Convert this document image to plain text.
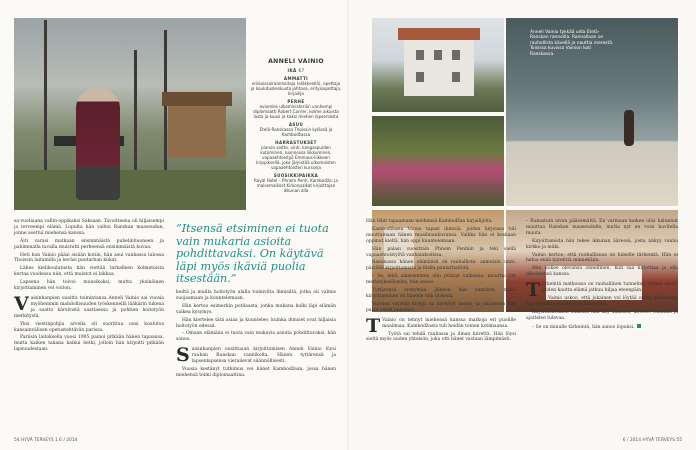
ANNELI VAINIO
IKÄ 67
AMMATTI
eriikoissairaanhoitaja (eläkkeellä), opettaja ja koulutuskeskusta johtava, erityisopettaja, kirjailija
PERHE
aviomies ulkoministeriön vanhempi diplomaatti Robert Carrier, kolme aikuista lasta ja kuusi ja kaksi miehen lapsenlasta
ASUU
Etelä-Ranskassa Thoissin kylässä ja Kambodžassa
HARRASTUKSET
pianon soitto, uinti, kangaspuiden kutominen, luonnossa liikkuminen, vapaaehtoistyö Emmaus-liikkeen kirppiksellä, joka järjestää ulkomaisten vapaaehtoisten kursseja
SUOSIKKIPAIKKA
Royal Hotel – Phnom Penh, Kambodža; ja maisemalliset Kirkonpalkat kirjoittajan ikkunan alla
Anneli Vainio tykkää uida Etelä-Ranskan rannoilla. Rannallaan on rauhallista kävellä ja nauttia merestä. Toisissa kuvissa Vainion koti Ranskassa.

sa-vuotiaana vallin-oppikaksi Saksaan. Tavoitteena oli hiljaisempi ja terveempi elämä. Lopulta hän valitsi Ranskan maaseudun, jonne asettui miehensä kanssa.

Äiti varasi matkaan ensimmäistä puhelinhuoneen ja pahimmalla tavalla muistutti perheensä ensimmäistä kuvaa.

Heti kun Vainio pääsi sisään kotiin, hän asui vanhassa talossa Thoissin laitamilla ja keräsi puutarhan kukat.

Lähes kielikoulutusta hän viettää tarkalleen kolmetoista kertaa vuodessa niin, että muistot ei lakkaa.

Lapsena hän toivoi muusikoksi, mutta yksinäinen kirjoittaminen vei voiton.

Vaisinhanpien uusitta toimintansa Anneli Vainio sai vuosia myöhemmin mahdollisuuden työskennellä lääkärin tukena ja saatto kärsivistä saattaessa ja pohtien hoitotyön merkitystä.

Yksi viestinpohjia arvella oli suorittaa uusi koulutus kansainvälisen opetustehtävän parissa.

Pariisin laitoksella vuosi 1995 painoi pitkään hänen tapaansa, mutta kaiken takana kaikui hetki, jolloin hän kirjoitti pitkään lapsuudestaan.

”Itsensä etsiminen ei tuota vain mukaria asioita pohdittavaksi. On käytävä läpi myös ikäviä puolia itsestään.”

keiltä ja muilla hoitotyön alalla toimivilta ihmisiltä, jotka oli valmis suojaamaan ja kuuntelemaan.

Hän kertoo esimerkin potilaasta, jonka mukana kulki läpi elämän vaikea kysymys.

Hän kiertelee tätä asiaa ja kuuntelee, kuinka ihmiset ovat hiljaisia hoitotyön edessä.

– Omaan elämään ei tuota vain mukavia asioita pohdittavaksi, hän sanoo.

Saisinhanpien uusittuaan kirjoittamisen Anneli Vainio löysi rauhan Ranskan rannikolta. Hänen tyttärensä ja lapsenlapsensa vierailevat säännöllisesti.

Vuosia kestänyt tutkimus vei hänet Kambodžaan, jossa hänen miehensä toimi diplomaattina.

Hän lähti tapaamaan miehensä Kambodžan kirjailijoita.

Kambodžassa Vainio tapasi ihmisiä, joiden kirjoissa tuli muuttumaan hänen maailmankuvansa. Vaikka hän ei koskaan oppinut kieltä, hän oppi kuuntelemaan.

Hän palasi vuosittain Phnom Penhiin ja teki siellä vapaaehtoistyötä vanhainkodissa.

Ranskassa hänen elämänsä on rauhallista: aamuisin uinti, päivällä kirjoittamista ja illalla puutarhatöitä.

– Se, mitä aikaisemmin olin pitänyt vaikeana, muuttui nyt merkitykselliseksi, hän sanoo.

Tyttärensä syntymän jälkeen hän ymmärsi, miksi kirjoittaminen oli hänelle niin tärkeää.

Vuosien varrella kirjoja on kertynyt useita, ja jokaisessa hän palaa omiin juuriinsa.

T Vainio on tehnyt miehensä kanssa matkoja eri puolille maailmaa. Kambodžasta tuli heidän toinen kotimaansa.

Työtä sai tehdä rauhassa ja ilman kiirettä. Hän löysi sieltä myös uuden yhteisön, joka otti hänet vastaan lämpimästi.

– Rakastuin aivan pääsemättä. En varmaan kaiken olisi halunnut muuttaa Ranskan maaseudulle, mutta nyt en voisi kuvitella muuta.

Kirjoittamista hän tekee ikkunan ääressä, josta näkyy vanha kirkko ja mäki.

Vainio kertoo, että rauhallisuus on hänelle tärkeintä. Hän ei halua enää kiirehtiä minnekään.

Hän kokee olevansa onnellinen, kun saa kirjoittaa ja olla läheistensä kanssa.

Tärkeintä matkoissa on rauhallinen tunnelma. Pienet sävyt, joiden kautta elämä jatkuu hiljaa eteenpäin.

Vainio uskoo, että jokainen voi löytää oman paikkansa, kun uskaltaa pysähtyä ja kuunnella.

Kirjoitushetkien lomassa hän käy uimassa, kävelee rannalla ja ajattelee tulevaa.

– Se on minulle tärkeintä, hän sanoo lopuksi.

54 HYVÄ TERVEYS 1.6 / 2014	6 / 2014 HYVÄ TERVEYS 55
